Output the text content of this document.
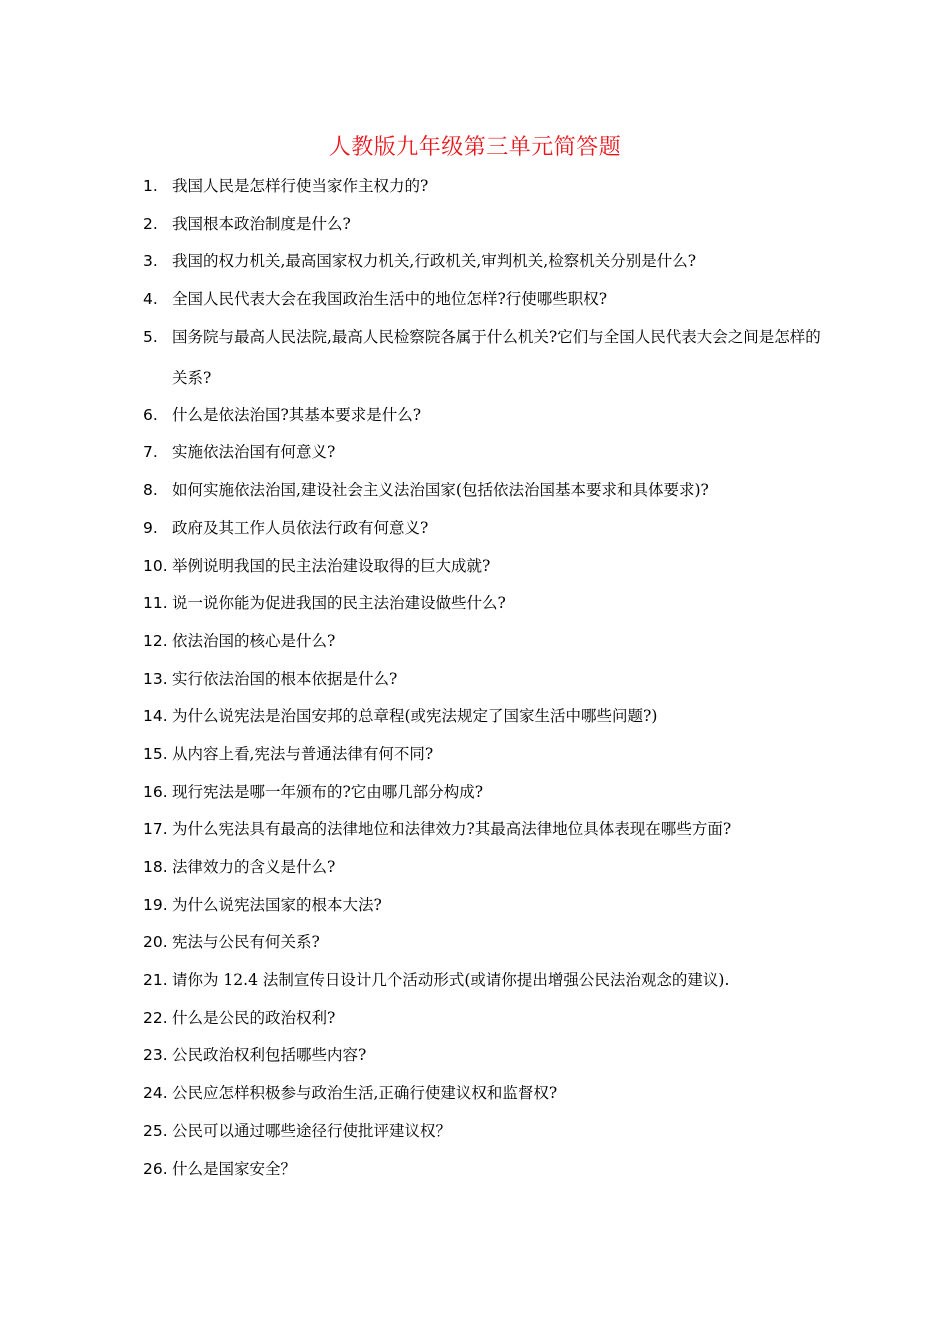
人教版九年级第三单元简答题
1. 我国人民是怎样行使当家作主权力的?
2. 我国根本政治制度是什么?
3. 我国的权力机关,最高国家权力机关,行政机关,审判机关,检察机关分别是什么?
4. 全国人民代表大会在我国政治生活中的地位怎样?行使哪些职权?
5. 国务院与最高人民法院,最高人民检察院各属于什么机关?它们与全国人民代表大会之间是怎样的关系?
6. 什么是依法治国?其基本要求是什么?
7. 实施依法治国有何意义?
8. 如何实施依法治国,建设社会主义法治国家(包括依法治国基本要求和具体要求)?
9. 政府及其工作人员依法行政有何意义?
10. 举例说明我国的民主法治建设取得的巨大成就?
11. 说一说你能为促进我国的民主法治建设做些什么?
12. 依法治国的核心是什么?
13. 实行依法治国的根本依据是什么?
14. 为什么说宪法是治国安邦的总章程(或宪法规定了国家生活中哪些问题?)
15. 从内容上看,宪法与普通法律有何不同?
16. 现行宪法是哪一年颁布的?它由哪几部分构成?
17. 为什么宪法具有最高的法律地位和法律效力?其最高法律地位具体表现在哪些方面?
18. 法律效力的含义是什么?
19. 为什么说宪法国家的根本大法?
20. 宪法与公民有何关系?
21. 请你为 12.4 法制宣传日设计几个活动形式(或请你提出增强公民法治观念的建议).
22. 什么是公民的政治权利?
23. 公民政治权利包括哪些内容?
24. 公民应怎样积极参与政治生活,正确行使建议权和监督权?
25. 公民可以通过哪些途径行使批评建议权？
26. 什么是国家安全？
